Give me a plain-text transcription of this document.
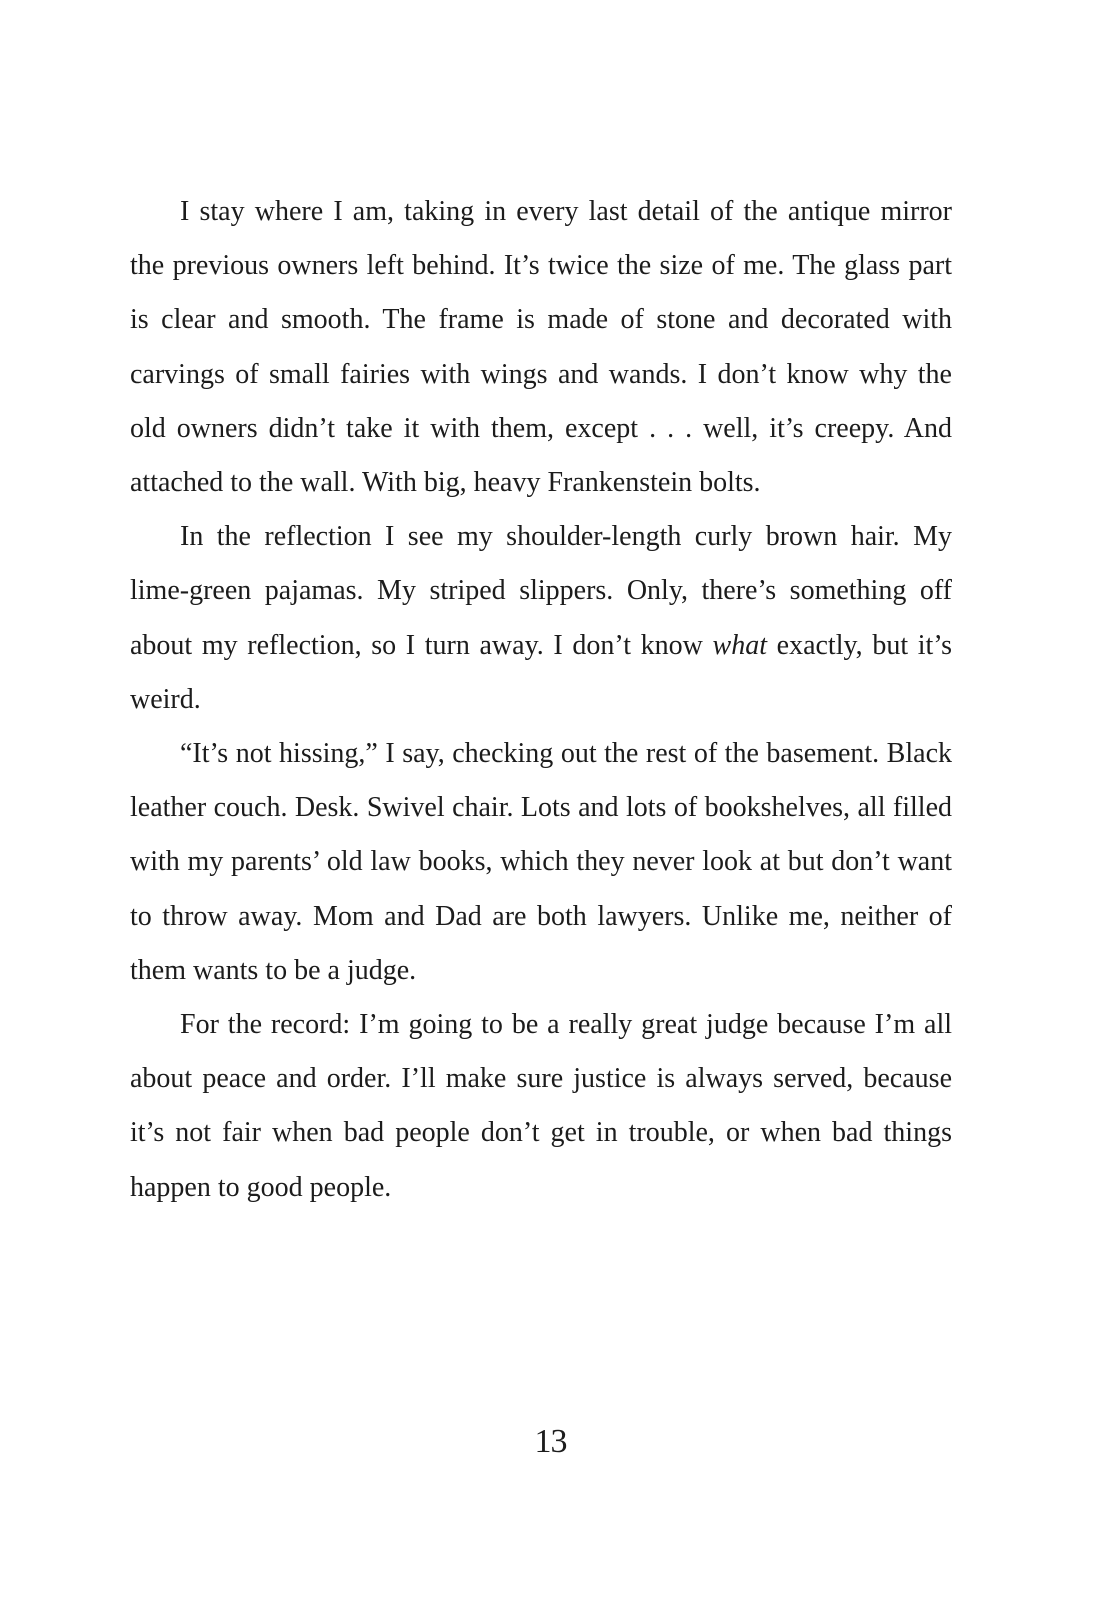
I stay where I am, taking in every last detail of the antique mirror the previous owners left behind. It’s twice the size of me. The glass part is clear and smooth. The frame is made of stone and decorated with carvings of small fairies with wings and wands. I don’t know why the old owners didn’t take it with them, except . . . well, it’s creepy. And attached to the wall. With big, heavy Frankenstein bolts.

In the reflection I see my shoulder-length curly brown hair. My lime-green pajamas. My striped slippers. Only, there’s something off about my reflection, so I turn away. I don’t know what exactly, but it’s weird.

“It’s not hissing,” I say, checking out the rest of the basement. Black leather couch. Desk. Swivel chair. Lots and lots of bookshelves, all filled with my parents’ old law books, which they never look at but don’t want to throw away. Mom and Dad are both lawyers. Unlike me, neither of them wants to be a judge.

For the record: I’m going to be a really great judge because I’m all about peace and order. I’ll make sure justice is always served, because it’s not fair when bad people don’t get in trouble, or when bad things happen to good people.

13
